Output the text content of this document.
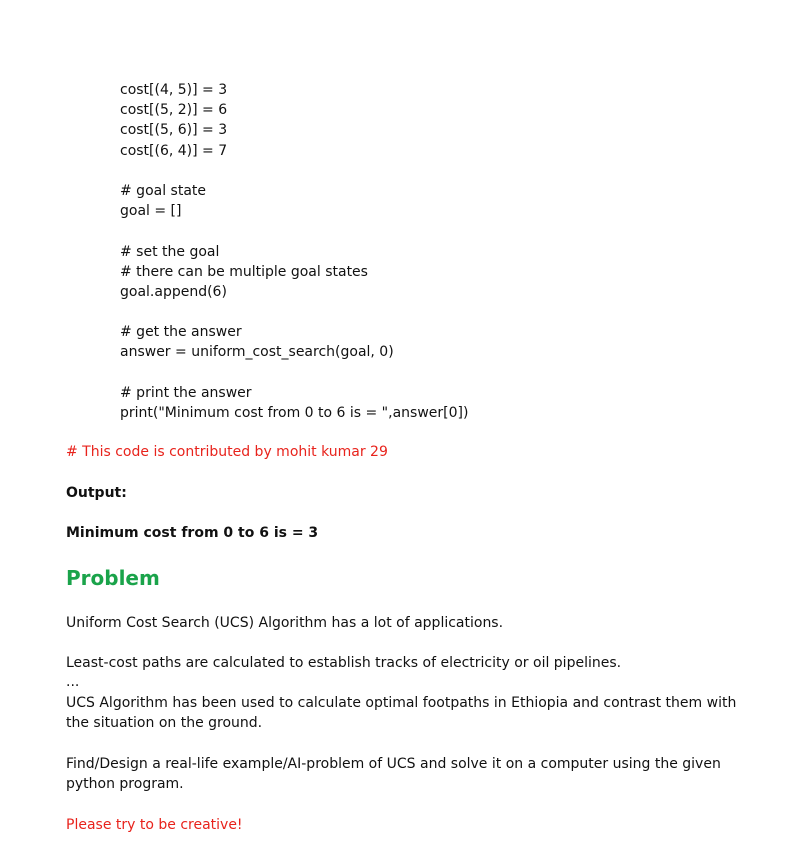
cost[(4, 5)] = 3
cost[(5, 2)] = 6
cost[(5, 6)] = 3
cost[(6, 4)] = 7
# goal state
goal = []
# set the goal
# there can be multiple goal states
goal.append(6)
# get the answer
answer = uniform_cost_search(goal, 0)
# print the answer
print("Minimum cost from 0 to 6 is = ",answer[0])
# This code is contributed by mohit kumar 29
Output:
Minimum cost from 0 to 6 is = 3
Problem
Uniform Cost Search (UCS) Algorithm has a lot of applications.
Least-cost paths are calculated to establish tracks of electricity or oil pipelines.
...
UCS Algorithm has been used to calculate optimal footpaths in Ethiopia and contrast them with the situation on the ground.
Find/Design a real-life example/AI-problem of UCS and solve it on a computer using the given python program.
Please try to be creative!
